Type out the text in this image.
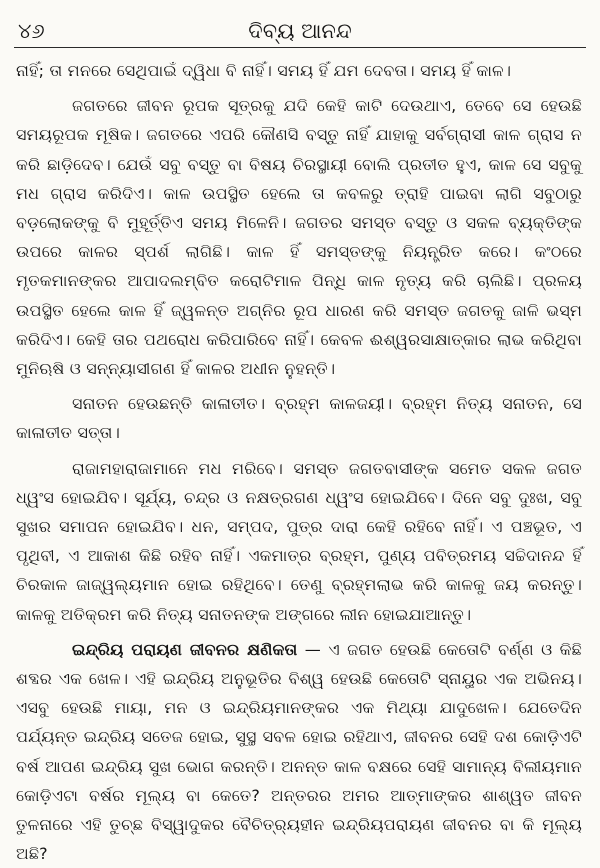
୪୬	ଦିବ୍ୟ ଆନନ୍ଦ

ନାହିଁ; ତା ମନରେ ସେଥିପାଇଁ ଦ୍ୱିଧା ବି ନାହିଁ। ସମୟ ହିଁ ଯମ ଦେବତା। ସମୟ ହିଁ କାଳ।

ଜଗତରେ ଜୀବନ ରୂପକ ସୂତ୍ରକୁ ଯଦି କେହି କାଟି ଦେଉଥାଏ, ତେବେ ସେ ହେଉଛି ସମୟରୂପକ ମୂଷିକ। ଜଗତରେ ଏପରି କୌଣସି ବସ୍ତୁ ନାହିଁ ଯାହାକୁ ସର୍ବଗ୍ରାସୀ କାଳ ଗ୍ରାସ ନ କରି ଛାଡ଼ିଦେବ। ଯେଉଁ ସବୁ ବସ୍ତୁ ବା ବିଷୟ ଚିରସ୍ଥାୟୀ ବୋଲି ପ୍ରତୀତ ହୁଏ, କାଳ ସେ ସବୁକୁ ମଧ ଗ୍ରାସ କରିଦିଏ। କାଳ ଉପସ୍ଥିତ ହେଲେ ତା କବଳରୁ ତ୍ରାହି ପାଇବା ଲାଗି ସବୁଠାରୁ ବଡ଼ଲୋକଙ୍କୁ ବି ମୁହୂର୍ତ୍ତିଏ ସମୟ ମିଳେନି। ଜଗତର ସମସ୍ତ ବସ୍ତୁ ଓ ସକଳ ବ୍ୟକ୍ତିଙ୍କ ଉପରେ କାଳର ସ୍ପର୍ଶ ଲାଗିଛି। କାଳ ହିଁ ସମସ୍ତଙ୍କୁ ନିୟନ୍ତ୍ରିତ କରେ। କଂଠରେ ମୃତକମାନଙ୍କର ଆପାଦଲମ୍ବିତ କରୋଟିମାଳ ପିନ୍ଧି କାଳ ନୃତ୍ୟ କରି ଚାଲିଛି। ପ୍ରଳୟ ଉପସ୍ଥିତ ହେଲେ କାଳ ହିଁ ଜ୍ୱଳନ୍ତ ଅଗ୍ନିର ରୂପ ଧାରଣ କରି ସମସ୍ତ ଜଗତକୁ ଜାଳି ଭସ୍ମ କରିଦିଏ। କେହି ତାର ପଥରୋଧ କରିପାରିବେ ନାହିଁ। କେବଳ ଈଶ୍ୱରସାକ୍ଷାତ୍କାର ଲାଭ କରିଥିବା ମୁନିଋଷି ଓ ସନ୍ନ୍ୟାସୀଗଣ ହିଁ କାଳର ଅଧୀନ ନୁହନ୍ତି।

ସନାତନ ହେଉଛନ୍ତି କାଳାତୀତ। ବ୍ରହ୍ମ କାଳଜୟୀ। ବ୍ରହ୍ମ ନିତ୍ୟ ସନାତନ, ସେ କାଳାତୀତ ସତ୍ତା।

ରାଜାମହାରାଜାମାନେ ମଧ ମରିବେ। ସମସ୍ତ ଜଗତବାସୀଙ୍କ ସମେତ ସକଳ ଜଗତ ଧ୍ୱଂସ ହୋଇଯିବ। ସୂର୍ଯ୍ୟ, ଚନ୍ଦ୍ର ଓ ନକ୍ଷତ୍ରଗଣ ଧ୍ୱଂସ ହୋଇଯିବେ। ଦିନେ ସବୁ ଦୁଃଖ, ସବୁ ସୁଖର ସମାପନ ହୋଇଯିବ। ଧନ, ସମ୍ପଦ, ପୁତ୍ର ଦାରା କେହି ରହିବେ ନାହିଁ। ଏ ପଞ୍ଚଭୂତ, ଏ ପୃଥିବୀ, ଏ ଆକାଶ କିଛି ରହିବ ନାହିଁ। ଏକମାତ୍ର ବ୍ରହ୍ମ, ପୁଣ୍ୟ ପବିତ୍ରମୟ ସଚ୍ଚିଦାନନ୍ଦ ହିଁ ଚିରକାଳ ଜାଜ୍ୱଲ୍ୟମାନ ହୋଇ ରହିଥିବେ। ତେଣୁ ବ୍ରହ୍ମଲାଭ କରି କାଳକୁ ଜୟ କରନ୍ତୁ। କାଳକୁ ଅତିକ୍ରମ କରି ନିତ୍ୟ ସନାତନଙ୍କ ଅଙ୍ଗରେ ଲୀନ ହୋଇଯାଆନ୍ତୁ।

ଇନ୍ଦ୍ରିୟ ପରାୟଣ ଜୀବନର କ୍ଷଣିକତା — ଏ ଜଗତ ହେଉଛି କେତୋଟି ବର୍ଣ୍ଣ ଓ କିଛି ଶବ୍ଦର ଏକ ଖେଳ। ଏହି ଇନ୍ଦ୍ରିୟ ଅନୁଭୂତିର ବିଶ୍ୱ ହେଉଛି କେତୋଟି ସ୍ନାୟୁର ଏକ ଅଭିନୟ। ଏସବୁ ହେଉଛି ମାୟା, ମନ ଓ ଇନ୍ଦ୍ରିୟମାନଙ୍କର ଏକ ମିଥ୍ୟା ଯାଦୁଖେଳ। ଯେତେଦିନ ପର୍ଯ୍ୟନ୍ତ ଇନ୍ଦ୍ରିୟ ସତେଜ ହୋଇ, ସୁସ୍ଥ ସବଳ ହୋଇ ରହିଥାଏ, ଜୀବନର ସେହି ଦଶ କୋଡ଼ିଏଟି ବର୍ଷ ଆପଣ ଇନ୍ଦ୍ରିୟ ସୁଖ ଭୋଗ କରନ୍ତି। ଅନନ୍ତ କାଳ ବକ୍ଷରେ ସେହି ସାମାନ୍ୟ ବିଲୀୟମାନ କୋଡ଼ିଏଟା ବର୍ଷର ମୂଲ୍ୟ ବା କେତେ? ଅନ୍ତରର ଅମର ଆତ୍ମାଙ୍କର ଶାଶ୍ୱତ ଜୀବନ ତୁଳନାରେ ଏହି ତୁଚ୍ଛ ବିସ୍ୱାଦୁକର ବୈଚିତ୍ର୍ୟହୀନ ଇନ୍ଦ୍ରିୟପରାୟଣ ଜୀବନର ବା କି ମୂଲ୍ୟ ଅଛି?
